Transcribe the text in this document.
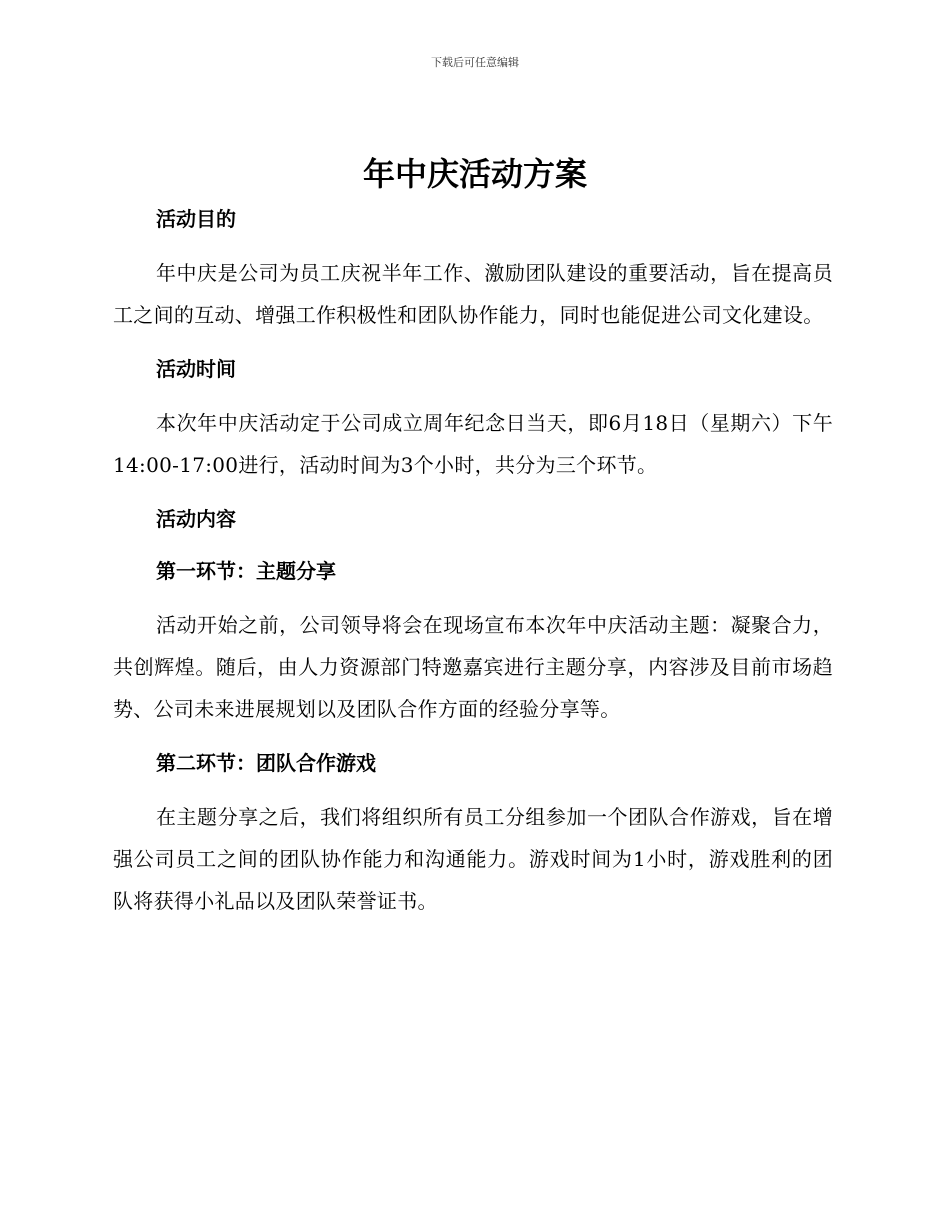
下载后可任意编辑
年中庆活动方案
活动目的

年中庆是公司为员工庆祝半年工作、激励团队建设的重要活动，旨在提高员工之间的互动、增强工作积极性和团队协作能力，同时也能促进公司文化建设。

活动时间

本次年中庆活动定于公司成立周年纪念日当天，即6月18日（星期六）下午14:00-17:00进行，活动时间为3个小时，共分为三个环节。

活动内容
第一环节：主题分享

活动开始之前，公司领导将会在现场宣布本次年中庆活动主题：凝聚合力，共创辉煌。随后，由人力资源部门特邀嘉宾进行主题分享，内容涉及目前市场趋势、公司未来进展规划以及团队合作方面的经验分享等。

第二环节：团队合作游戏

在主题分享之后，我们将组织所有员工分组参加一个团队合作游戏，旨在增强公司员工之间的团队协作能力和沟通能力。游戏时间为1小时，游戏胜利的团队将获得小礼品以及团队荣誉证书。
